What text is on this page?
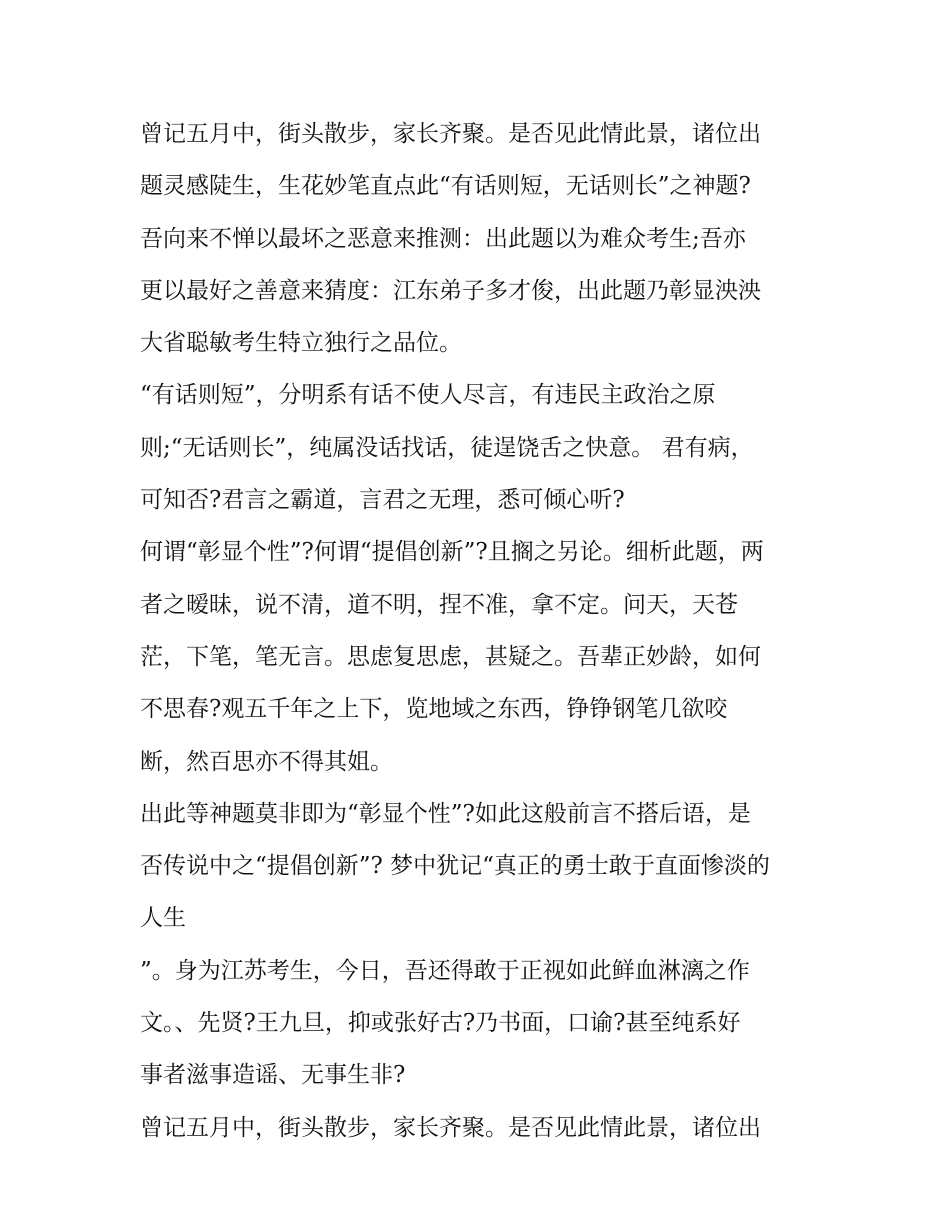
曾记五月中，街头散步，家长齐聚。是否见此情此景，诸位出
题灵感陡生，生花妙笔直点此“有话则短，无话则长”之神题?
吾向来不惮以最坏之恶意来推测：出此题以为难众考生;吾亦
更以最好之善意来猜度：江东弟子多才俊，出此题乃彰显泱泱
大省聪敏考生特立独行之品位。
“有话则短”，分明系有话不使人尽言，有违民主政治之原
则;“无话则长”，纯属没话找话，徒逞饶舌之快意。 君有病，
可知否?君言之霸道，言君之无理，悉可倾心听?
何谓“彰显个性”?何谓“提倡创新”?且搁之另论。细析此题，两
者之暧昧，说不清，道不明，捏不准，拿不定。问天，天苍
茫，下笔，笔无言。思虑复思虑，甚疑之。吾辈正妙龄，如何
不思春?观五千年之上下，览地域之东西，铮铮钢笔几欲咬
断，然百思亦不得其姐。
出此等神题莫非即为“彰显个性”?如此这般前言不搭后语，是
否传说中之“提倡创新”? 梦中犹记“真正的勇士敢于直面惨淡的
人生
”。身为江苏考生，今日，吾还得敢于正视如此鲜血淋漓之作
文。、先贤?王九旦，抑或张好古?乃书面，口谕?甚至纯系好
事者滋事造谣、无事生非?
曾记五月中，街头散步，家长齐聚。是否见此情此景，诸位出
